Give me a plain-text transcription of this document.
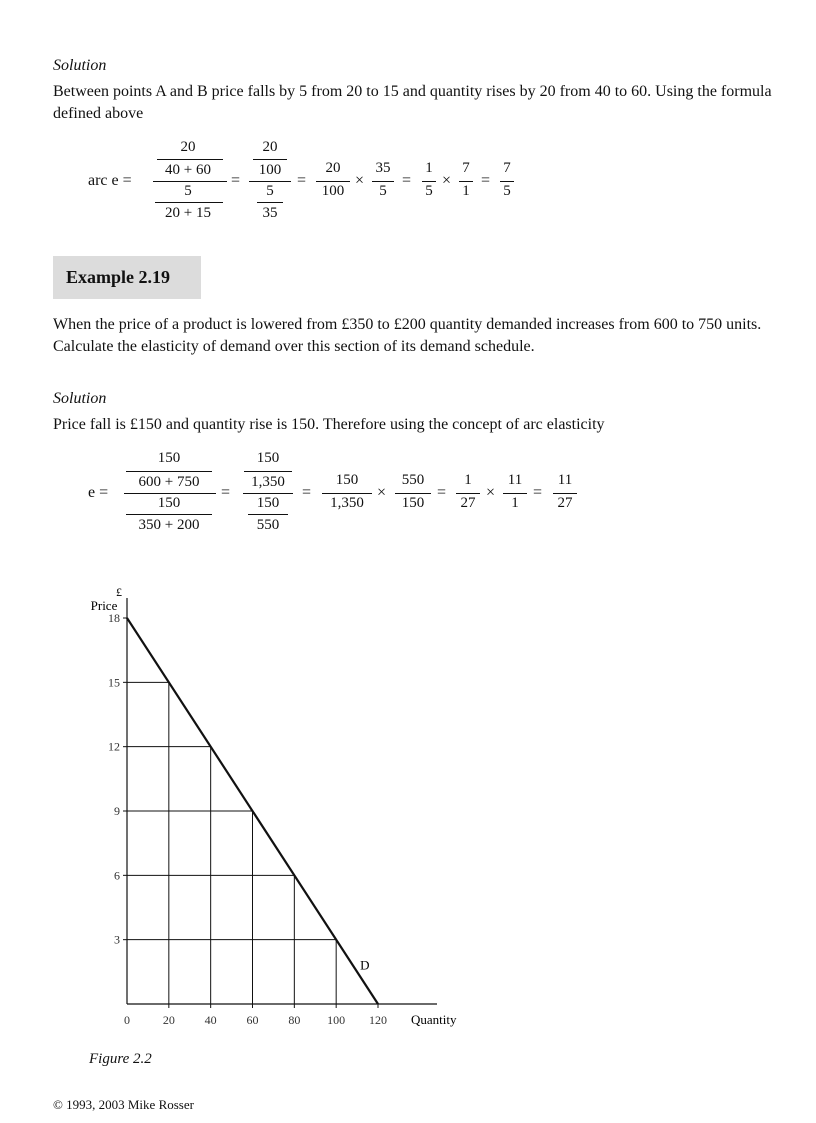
Solution
Between points A and B price falls by 5 from 20 to 15 and quantity rises by 20 from 40 to 60. Using the formula defined above
arc e =
20
40 + 60
5
20 + 15
=
20
100
5
35
=
20
100
×
35
5
=
1
5
×
7
1
=
7
5
Example 2.19
When the price of a product is lowered from £350 to £200 quantity demanded increases from 600 to 750 units. Calculate the elasticity of demand over this section of its demand schedule.
Solution
Price fall is £150 and quantity rise is 150. Therefore using the concept of arc elasticity
e =
150
600 + 750
150
350 + 200
=
150
1,350
150
550
=
150
1,350
×
550
150
=
1
27
×
11
1
=
11
27
0	20 40 60 80 100 120
3
6
9
12
15
18
£
Price
Quantity
D
Figure 2.2
© 1993, 2003 Mike Rosser
